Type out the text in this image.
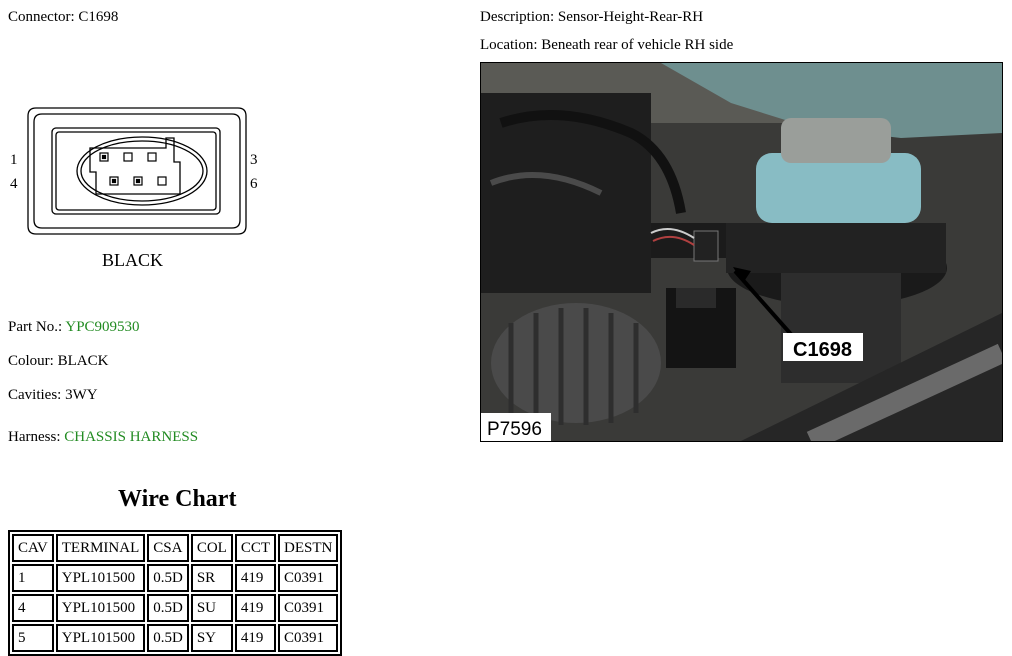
Connector: C1698	Description: Sensor-Height-Rear-RH
Location: Beneath rear of vehicle RH side
1
4
3
6
BLACK
Part No.: YPC909530
Colour: BLACK
Cavities: 3WY
Harness: CHASSIS HARNESS
C1698
P7596
Wire Chart
CAV	TERMINAL	CSA	COL	CCT	DESTN
1	YPL101500	0.5D	SR	419	C0391
4	YPL101500	0.5D	SU	419	C0391
5	YPL101500	0.5D	SY	419	C0391
